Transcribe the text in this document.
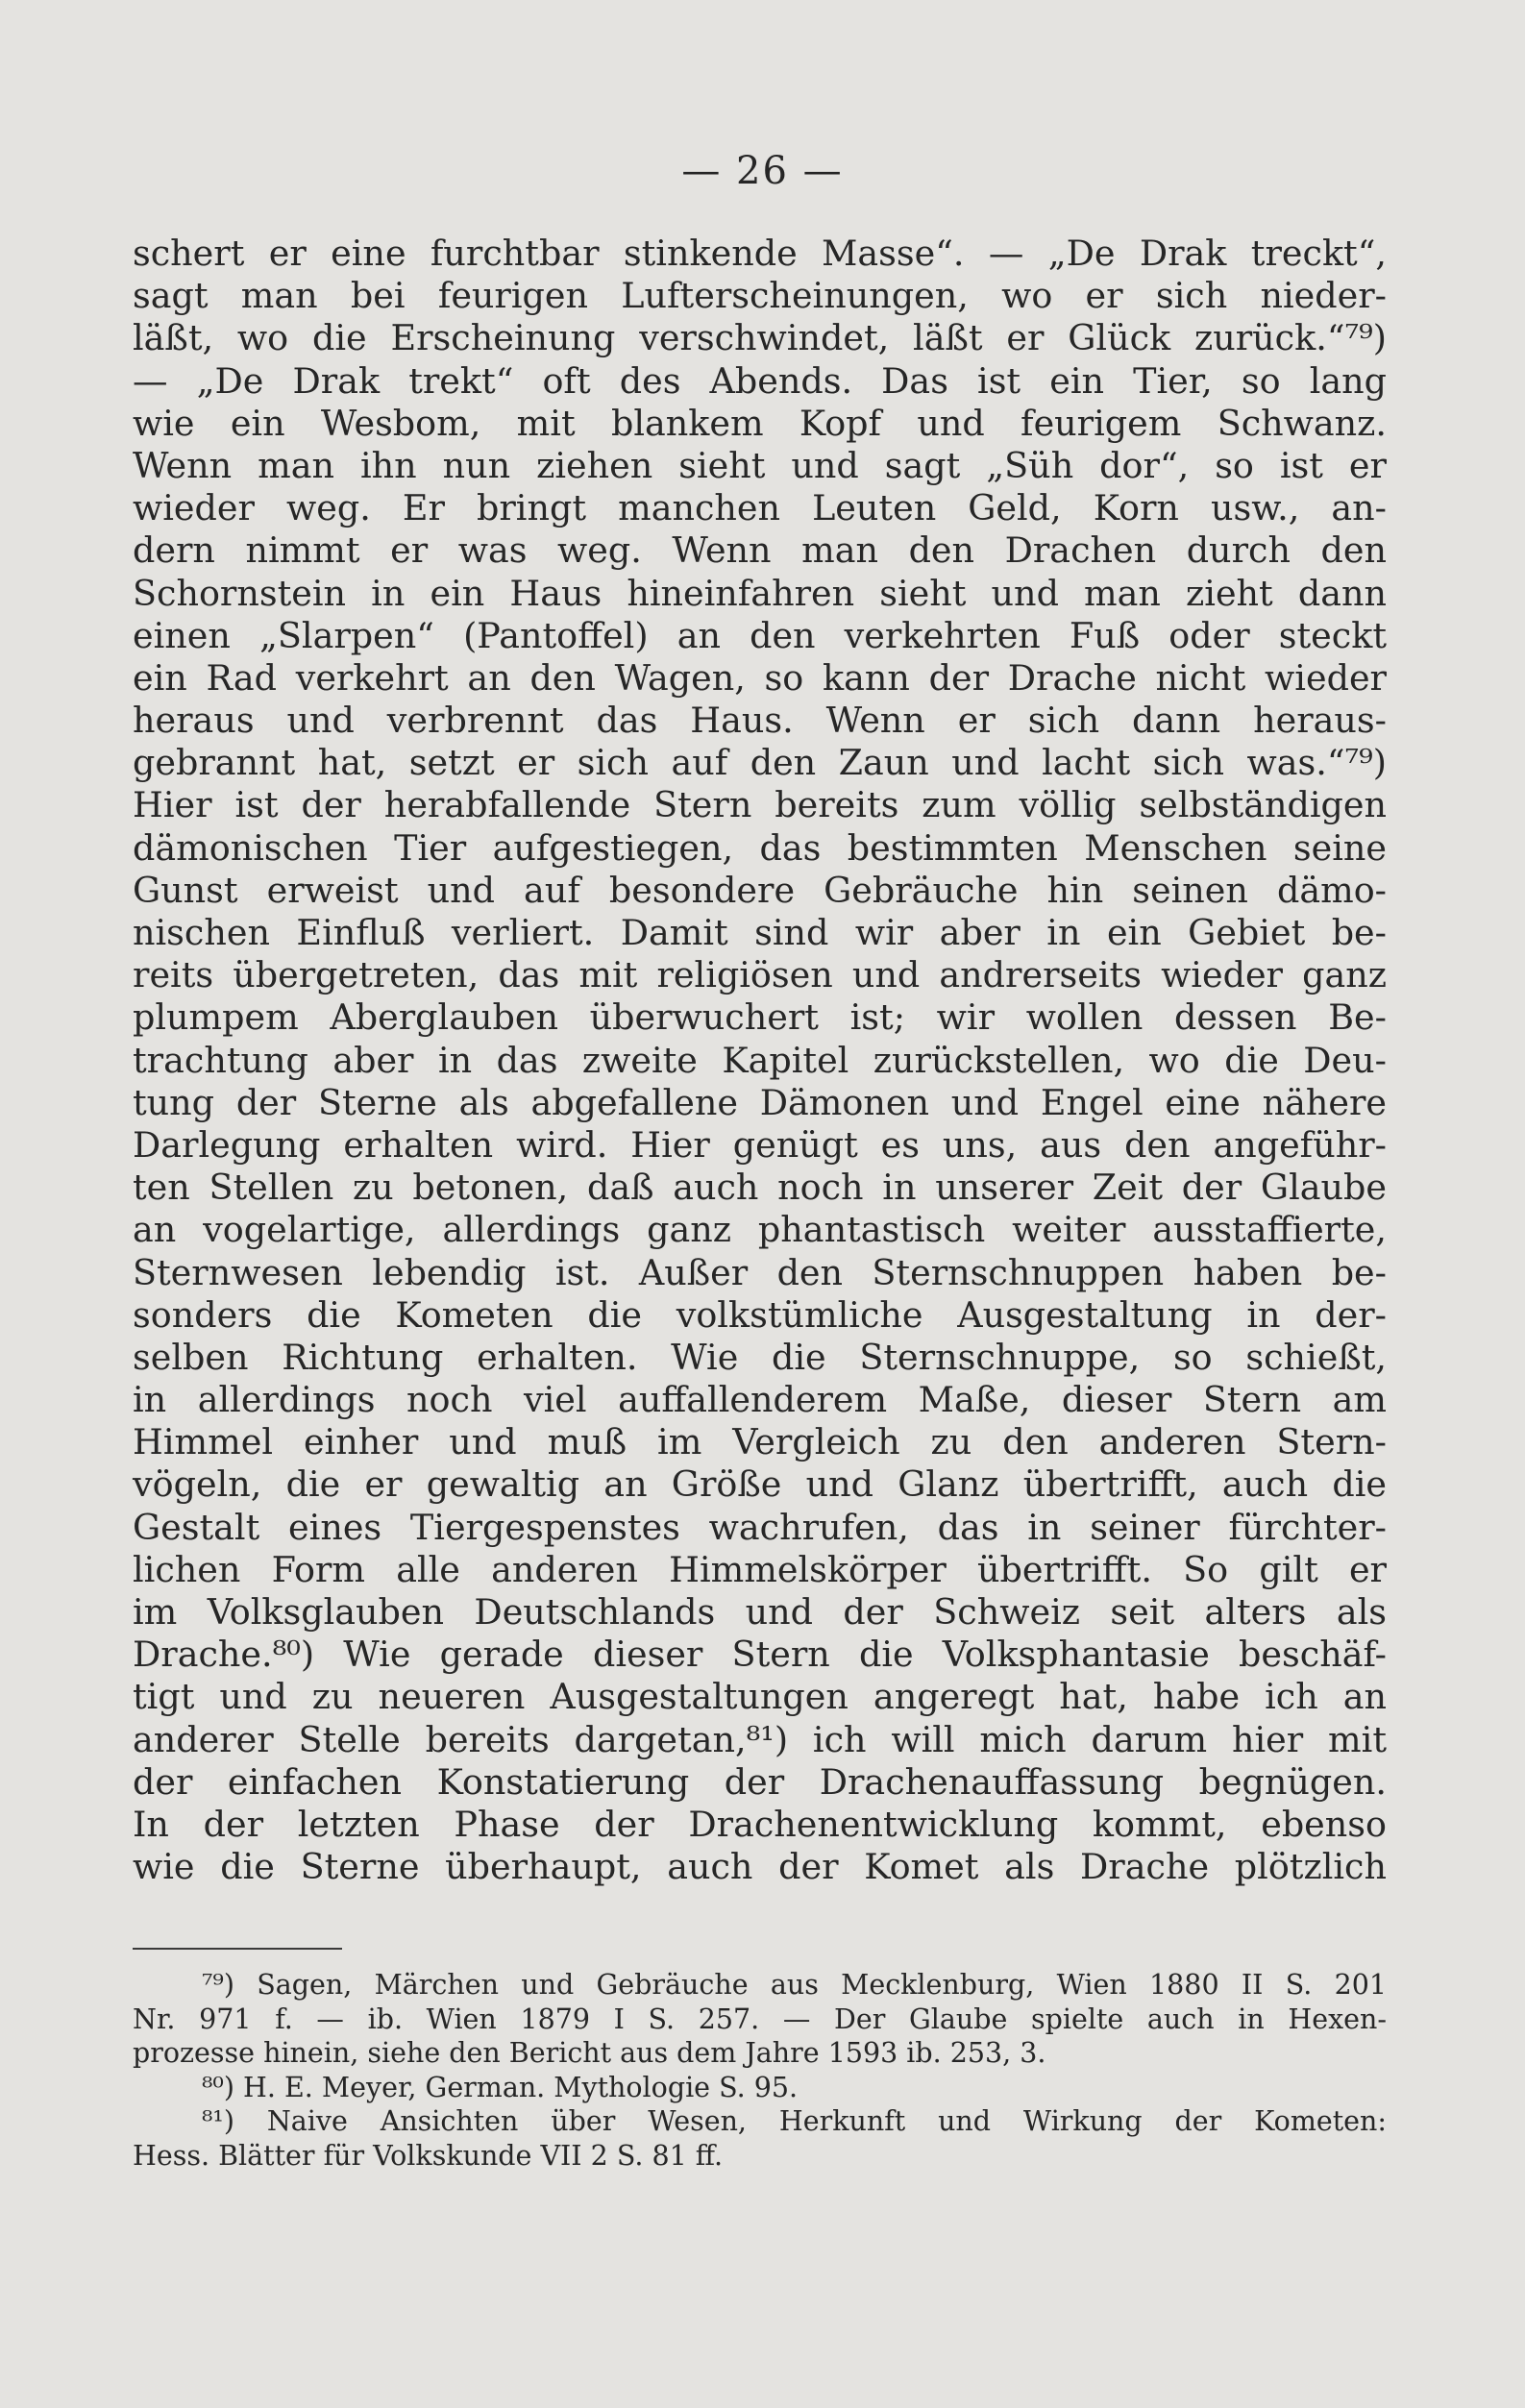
— 26 —
schert er eine furchtbar stinkende Masse“. — „De Drak treckt“,
sagt man bei feurigen Lufterscheinungen, wo er sich nieder-
läßt, wo die Erscheinung verschwindet, läßt er Glück zurück.“⁷⁹)
— „De Drak trekt“ oft des Abends. Das ist ein Tier, so lang
wie ein Wesbom, mit blankem Kopf und feurigem Schwanz.
Wenn man ihn nun ziehen sieht und sagt „Süh dor“, so ist er
wieder weg. Er bringt manchen Leuten Geld, Korn usw., an-
dern nimmt er was weg. Wenn man den Drachen durch den
Schornstein in ein Haus hineinfahren sieht und man zieht dann
einen „Slarpen“ (Pantoffel) an den verkehrten Fuß oder steckt
ein Rad verkehrt an den Wagen, so kann der Drache nicht wieder
heraus und verbrennt das Haus. Wenn er sich dann heraus-
gebrannt hat, setzt er sich auf den Zaun und lacht sich was.“⁷⁹)
Hier ist der herabfallende Stern bereits zum völlig selbständigen
dämonischen Tier aufgestiegen, das bestimmten Menschen seine
Gunst erweist und auf besondere Gebräuche hin seinen dämo-
nischen Einfluß verliert. Damit sind wir aber in ein Gebiet be-
reits übergetreten, das mit religiösen und andrerseits wieder ganz
plumpem Aberglauben überwuchert ist; wir wollen dessen Be-
trachtung aber in das zweite Kapitel zurückstellen, wo die Deu-
tung der Sterne als abgefallene Dämonen und Engel eine nähere
Darlegung erhalten wird. Hier genügt es uns, aus den angeführ-
ten Stellen zu betonen, daß auch noch in unserer Zeit der Glaube
an vogelartige, allerdings ganz phantastisch weiter ausstaffierte,
Sternwesen lebendig ist. Außer den Sternschnuppen haben be-
sonders die Kometen die volkstümliche Ausgestaltung in der-
selben Richtung erhalten. Wie die Sternschnuppe, so schießt,
in allerdings noch viel auffallenderem Maße, dieser Stern am
Himmel einher und muß im Vergleich zu den anderen Stern-
vögeln, die er gewaltig an Größe und Glanz übertrifft, auch die
Gestalt eines Tiergespenstes wachrufen, das in seiner fürchter-
lichen Form alle anderen Himmelskörper übertrifft. So gilt er
im Volksglauben Deutschlands und der Schweiz seit alters als
Drache.⁸⁰) Wie gerade dieser Stern die Volksphantasie beschäf-
tigt und zu neueren Ausgestaltungen angeregt hat, habe ich an
anderer Stelle bereits dargetan,⁸¹) ich will mich darum hier mit
der einfachen Konstatierung der Drachenauffassung begnügen.
In der letzten Phase der Drachenentwicklung kommt, ebenso
wie die Sterne überhaupt, auch der Komet als Drache plötzlich
⁷⁹) Sagen, Märchen und Gebräuche aus Mecklenburg, Wien 1880 II S. 201
Nr. 971 f. — ib. Wien 1879 I S. 257. — Der Glaube spielte auch in Hexen-
prozesse hinein, siehe den Bericht aus dem Jahre 1593 ib. 253, 3.
⁸⁰) H. E. Meyer, German. Mythologie S. 95.
⁸¹) Naive Ansichten über Wesen, Herkunft und Wirkung der Kometen:
Hess. Blätter für Volkskunde VII 2 S. 81 ff.
